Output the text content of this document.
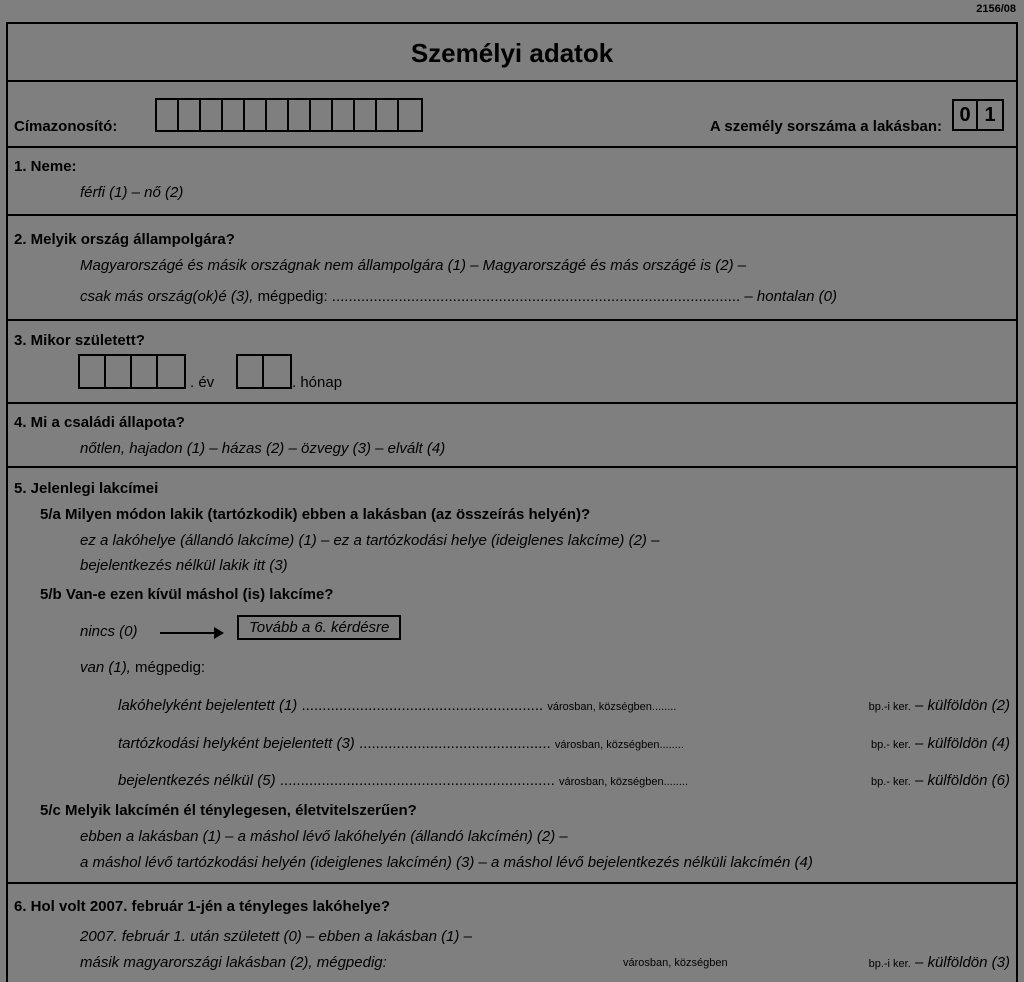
2156/08
Személyi adatok
Címazonosító:	A személy sorszáma a lakásban:
0 1
1. Neme:
férfi (1) – nő (2)
2. Melyik ország állampolgára?
Magyarországé és másik országnak nem állampolgára (1) – Magyarországé és más országé is (2) –
csak más ország(ok)é (3), mégpedig: .................................................................................................. – hontalan (0)
3. Mikor született?
. év	. hónap
4. Mi a családi állapota?
nőtlen, hajadon (1) – házas (2) – özvegy (3) – elvált (4)
5. Jelenlegi lakcímei
5/a Milyen módon lakik (tartózkodik) ebben a lakásban (az összeírás helyén)?
ez a lakóhelye (állandó lakcíme) (1) – ez a tartózkodási helye (ideiglenes lakcíme) (2) –
bejelentkezés nélkül lakik itt (3)
5/b Van-e ezen kívül máshol (is) lakcíme?
nincs (0)	Tovább a 6. kérdésre
van (1), mégpedig:
lakóhelyként bejelentett (1) .......................................................... városban, községben........	bp.-i ker. – külföldön (2)
tartózkodási helyként bejelentett (3) .............................................. városban, községben........	bp.- ker. – külföldön (4)
bejelentkezés nélkül (5) .................................................................. városban, községben........	bp.- ker. – külföldön (6)
5/c Melyik lakcímén él ténylegesen, életvitelszerűen?
ebben a lakásban (1) – a máshol lévő lakóhelyén (állandó lakcímén) (2) –
a máshol lévő tartózkodási helyén (ideiglenes lakcímén) (3) – a máshol lévő bejelentkezés nélküli lakcímén (4)
6. Hol volt 2007. február 1-jén a tényleges lakóhelye?
2007. február 1. után született (0) – ebben a lakásban (1) –
másik magyarországi lakásban (2), mégpedig:	városban, községben	bp.-i ker. – külföldön (3)
